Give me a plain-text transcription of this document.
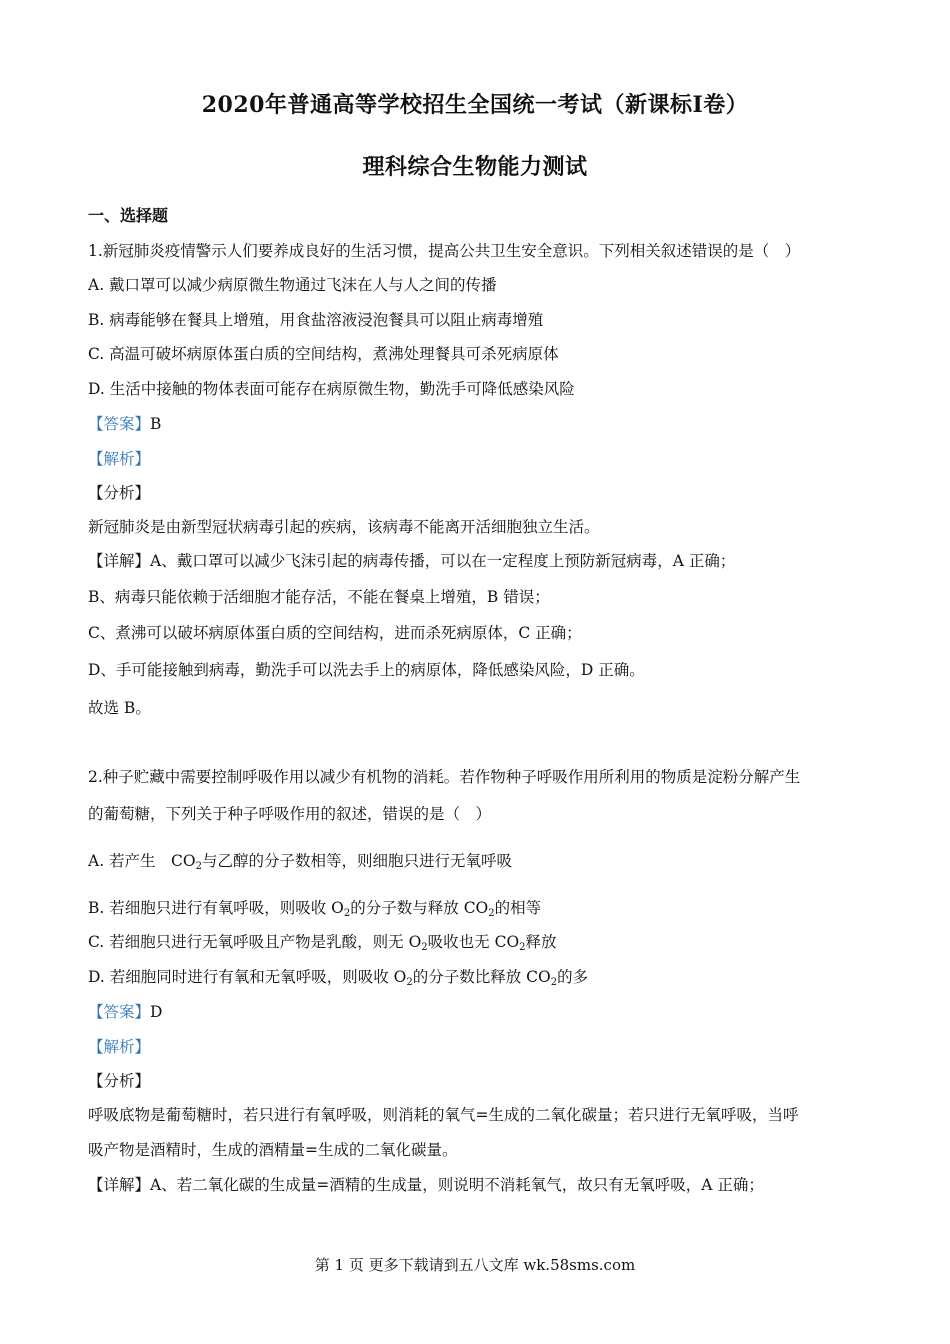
2020年普通高等学校招生全国统一考试（新课标Ⅰ卷）
理科综合生物能力测试
一、选择题
1.新冠肺炎疫情警示人们要养成良好的生活习惯，提高公共卫生安全意识。下列相关叙述错误的是（　）
A. 戴口罩可以减少病原微生物通过飞沫在人与人之间的传播
B. 病毒能够在餐具上增殖，用食盐溶液浸泡餐具可以阻止病毒增殖
C. 高温可破坏病原体蛋白质的空间结构，煮沸处理餐具可杀死病原体
D. 生活中接触的物体表面可能存在病原微生物，勤洗手可降低感染风险
【答案】B
【解析】
【分析】
新冠肺炎是由新型冠状病毒引起的疾病，该病毒不能离开活细胞独立生活。
【详解】A、戴口罩可以减少飞沫引起的病毒传播，可以在一定程度上预防新冠病毒，A 正确；
B、病毒只能依赖于活细胞才能存活，不能在餐桌上增殖，B 错误；
C、煮沸可以破坏病原体蛋白质的空间结构，进而杀死病原体，C 正确；
D、手可能接触到病毒，勤洗手可以洗去手上的病原体，降低感染风险，D 正确。
故选 B。
2.种子贮藏中需要控制呼吸作用以减少有机物的消耗。若作物种子呼吸作用所利用的物质是淀粉分解产生
的葡萄糖，下列关于种子呼吸作用的叙述，错误的是（　）
A. 若产生　$CO_2$与乙醇的分子数相等，则细胞只进行无氧呼吸
B. 若细胞只进行有氧呼吸，则吸收 $O_2$的分子数与释放 $CO_2$的相等
C. 若细胞只进行无氧呼吸且产物是乳酸，则无 $O_2$吸收也无 $CO_2$释放
D. 若细胞同时进行有氧和无氧呼吸，则吸收 $O_2$的分子数比释放 $CO_2$的多
【答案】D
【解析】
【分析】
呼吸底物是葡萄糖时，若只进行有氧呼吸，则消耗的氧气=生成的二氧化碳量；若只进行无氧呼吸，当呼
吸产物是酒精时，生成的酒精量=生成的二氧化碳量。
【详解】A、若二氧化碳的生成量=酒精的生成量，则说明不消耗氧气，故只有无氧呼吸，A 正确；
第 1 页 更多下载请到五八文库 wk.58sms.com
